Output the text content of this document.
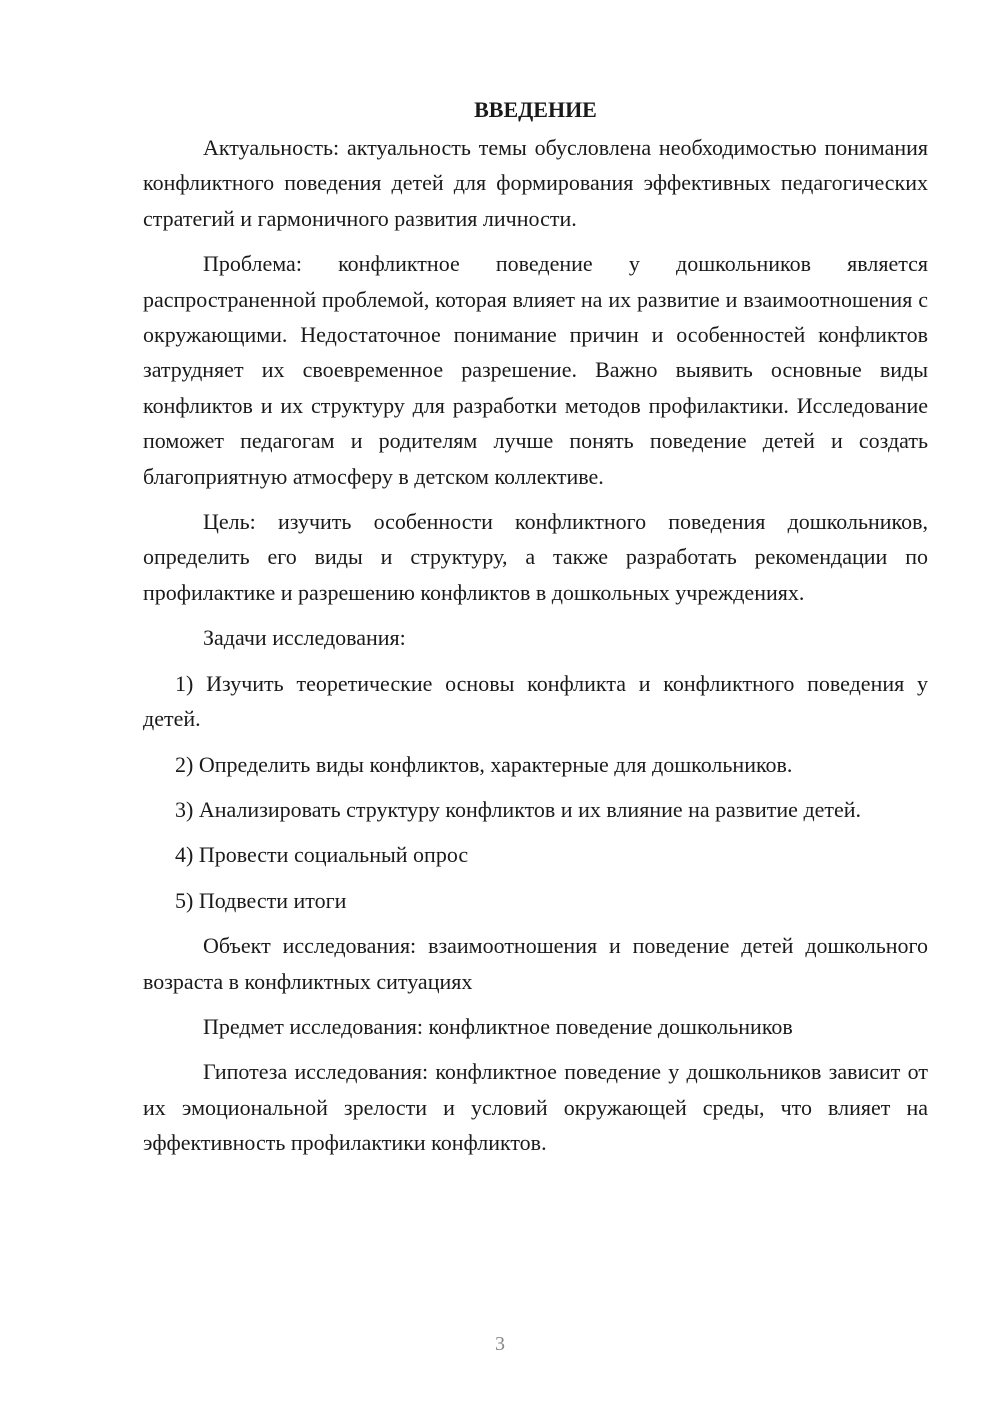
ВВЕДЕНИЕ

Актуальность: актуальность темы обусловлена необходимостью понимания конфликтного поведения детей для формирования эффективных педагогических стратегий и гармоничного развития личности.

Проблема: конфликтное поведение у дошкольников является распространенной проблемой, которая влияет на их развитие и взаимоотношения с окружающими. Недостаточное понимание причин и особенностей конфликтов затрудняет их своевременное разрешение. Важно выявить основные виды конфликтов и их структуру для разработки методов профилактики. Исследование поможет педагогам и родителям лучше понять поведение детей и создать благоприятную атмосферу в детском коллективе.

Цель: изучить особенности конфликтного поведения дошкольников, определить его виды и структуру, а также разработать рекомендации по профилактике и разрешению конфликтов в дошкольных учреждениях.

Задачи исследования:

1) Изучить теоретические основы конфликта и конфликтного поведения у детей.

2) Определить виды конфликтов, характерные для дошкольников.

3) Анализировать структуру конфликтов и их влияние на развитие детей.

4) Провести социальный опрос

5) Подвести итоги

Объект исследования: взаимоотношения и поведение детей дошкольного возраста в конфликтных ситуациях

Предмет исследования: конфликтное поведение дошкольников

Гипотеза исследования: конфликтное поведение у дошкольников зависит от их эмоциональной зрелости и условий окружающей среды, что влияет на эффективность профилактики конфликтов.

3
